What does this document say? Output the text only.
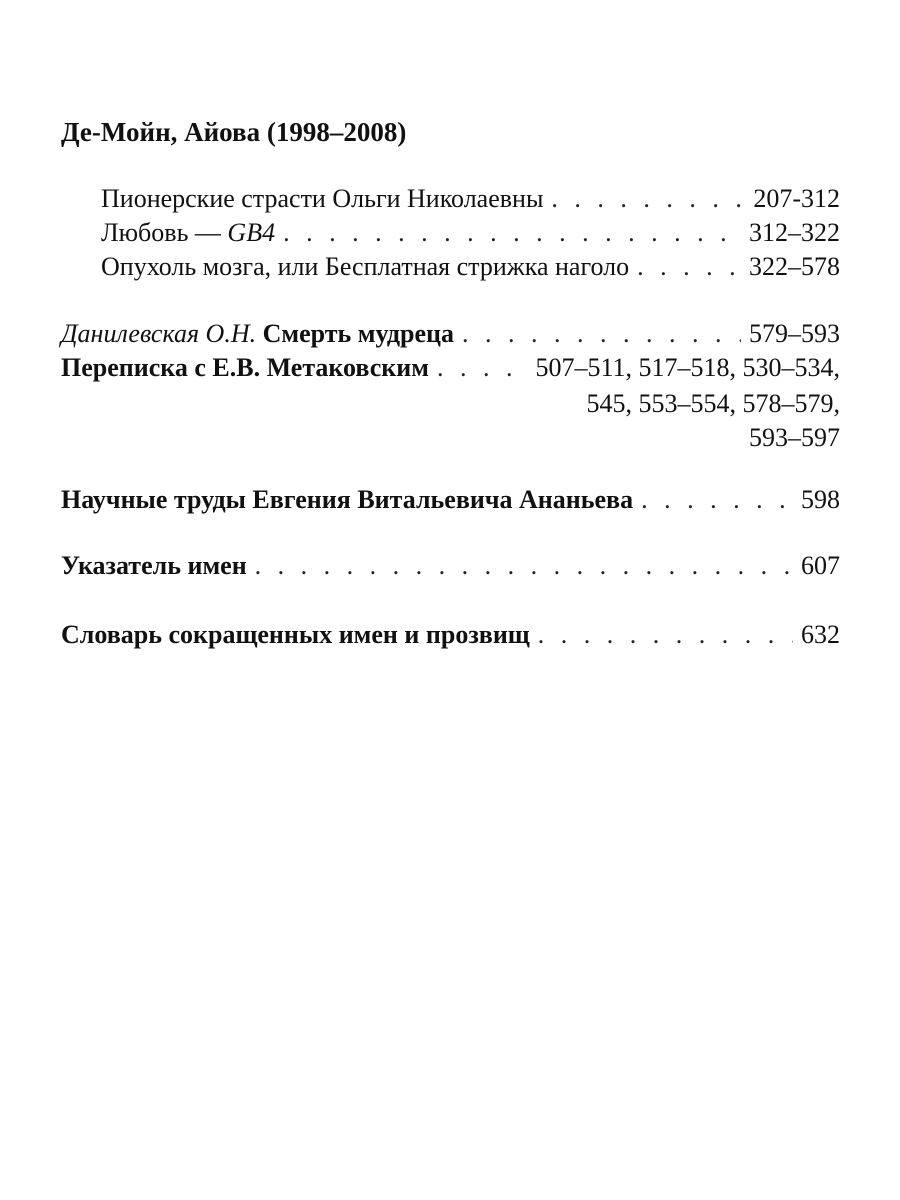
Де-Мойн, Айова (1998–2008)
Пионерские страсти Ольги Николаевны . . .	207-312
Любовь — GB4 . . .	312–322
Опухоль мозга, или Бесплатная стрижка наголо . . .	322–578
Данилевская О.Н. Смерть мудреца . . .	579–593
Переписка с Е.В. Метаковским . . .	507–511, 517–518, 530–534,
545, 553–554, 578–579,
593–597
Научные труды Евгения Витальевича Ананьева . . .	598
Указатель имен . . .	607
Словарь сокращенных имен и прозвищ . . .	632
